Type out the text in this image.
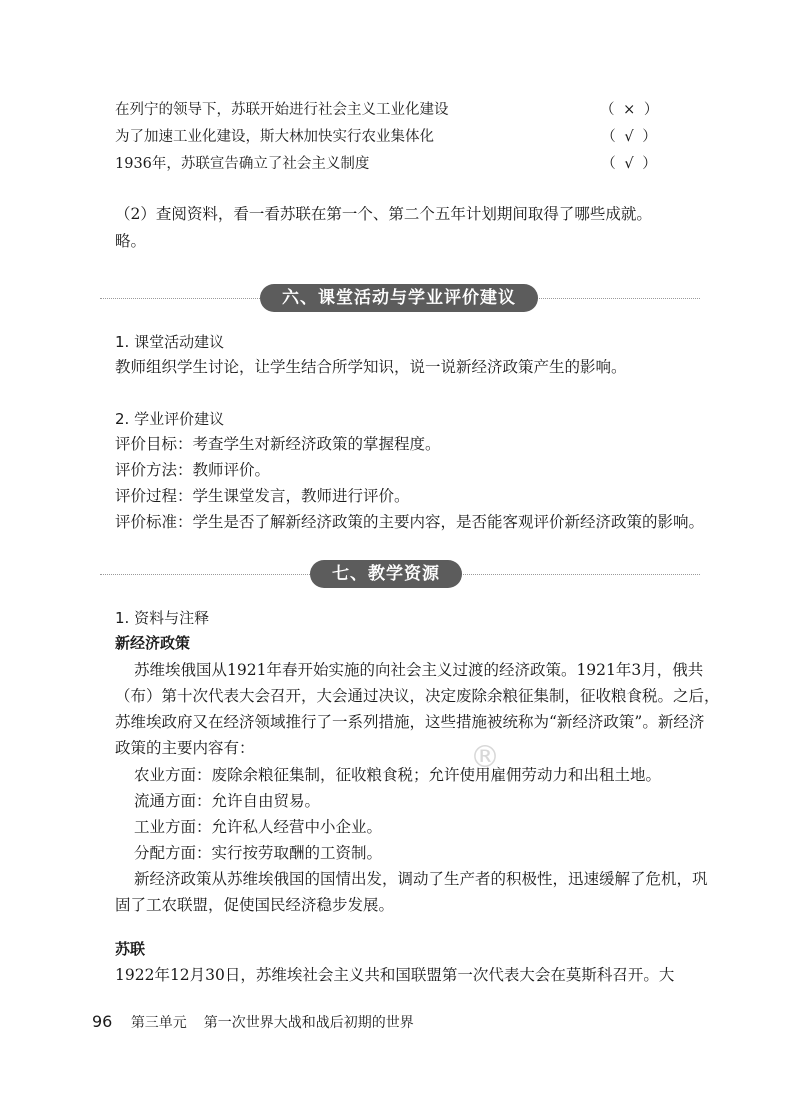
在列宁的领导下，苏联开始进行社会主义工业化建设	（ × ）
为了加速工业化建设，斯大林加快实行农业集体化	（ √ ）
1936年，苏联宣告确立了社会主义制度	（ √ ）
（2）查阅资料，看一看苏联在第一个、第二个五年计划期间取得了哪些成就。
略。
六、课堂活动与学业评价建议
1. 课堂活动建议
教师组织学生讨论，让学生结合所学知识，说一说新经济政策产生的影响。
2. 学业评价建议
评价目标：考查学生对新经济政策的掌握程度。
评价方法：教师评价。
评价过程：学生课堂发言，教师进行评价。
评价标准：学生是否了解新经济政策的主要内容，是否能客观评价新经济政策的影响。
七、教学资源
1. 资料与注释
新经济政策
苏维埃俄国从1921年春开始实施的向社会主义过渡的经济政策。1921年3月，俄共
（布）第十次代表大会召开，大会通过决议，决定废除余粮征集制，征收粮食税。之后，
苏维埃政府又在经济领域推行了一系列措施，这些措施被统称为“新经济政策”。新经济
政策的主要内容有：
农业方面：废除余粮征集制，征收粮食税；允许使用雇佣劳动力和出租土地。
流通方面：允许自由贸易。
工业方面：允许私人经营中小企业。
分配方面：实行按劳取酬的工资制。
新经济政策从苏维埃俄国的国情出发，调动了生产者的积极性，迅速缓解了危机，巩
固了工农联盟，促使国民经济稳步发展。
苏联
1922年12月30日，苏维埃社会主义共和国联盟第一次代表大会在莫斯科召开。大
®
96 第三单元 第一次世界大战和战后初期的世界
